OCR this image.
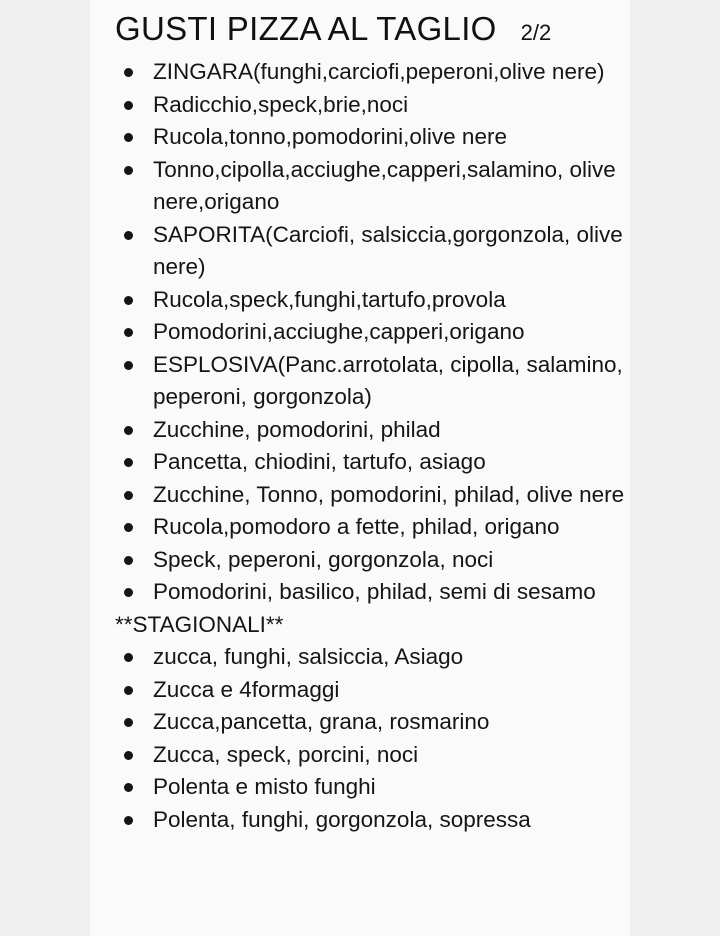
GUSTI PIZZA AL TAGLIO 2/2
ZINGARA(funghi,carciofi,peperoni,olive nere)
Radicchio,speck,brie,noci
Rucola,tonno,pomodorini,olive nere
Tonno,cipolla,acciughe,capperi,salamino, olive nere,origano
SAPORITA(Carciofi, salsiccia,gorgonzola, olive nere)
Rucola,speck,funghi,tartufo,provola
Pomodorini,acciughe,capperi,origano
ESPLOSIVA(Panc.arrotolata, cipolla, salamino, peperoni, gorgonzola)
Zucchine, pomodorini, philad
Pancetta, chiodini, tartufo, asiago
Zucchine, Tonno, pomodorini, philad, olive nere
Rucola,pomodoro a fette, philad, origano
Speck, peperoni, gorgonzola, noci
Pomodorini, basilico, philad, semi di sesamo
**STAGIONALI**
zucca, funghi, salsiccia, Asiago
Zucca e 4formaggi
Zucca,pancetta, grana, rosmarino
Zucca, speck, porcini, noci
Polenta e misto funghi
Polenta, funghi, gorgonzola, sopressa
